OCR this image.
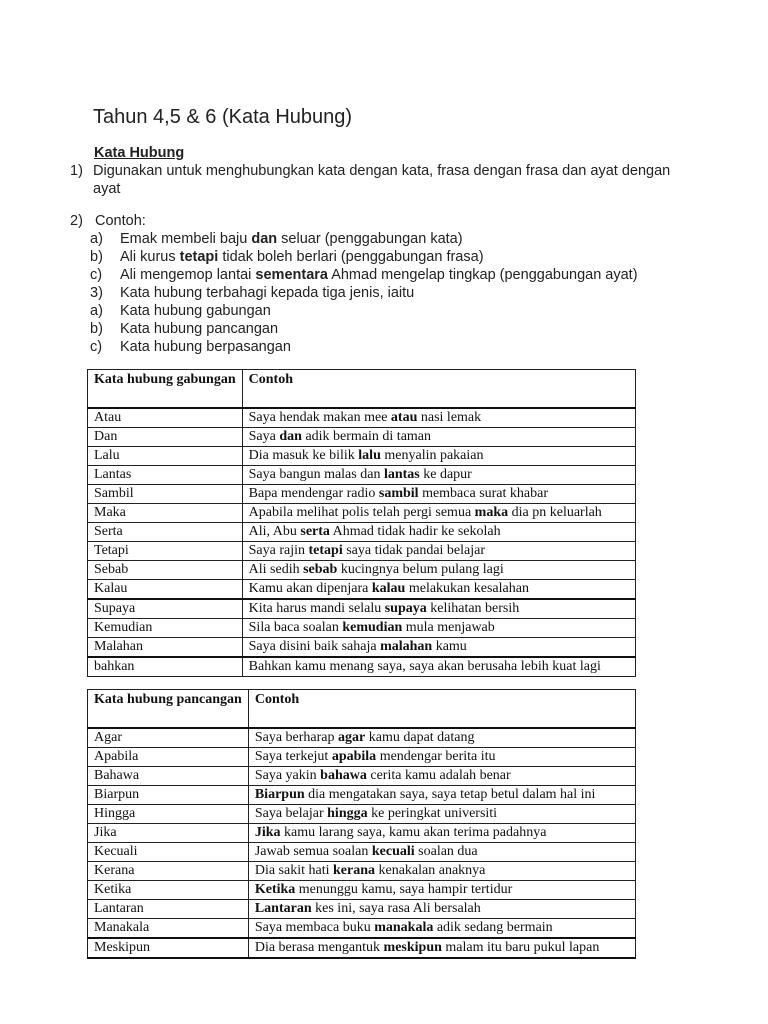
Tahun 4,5 & 6 (Kata Hubung)
Kata Hubung
1) Digunakan untuk menghubungkan kata dengan kata, frasa dengan frasa dan ayat dengan ayat
2) Contoh:
a) Emak membeli baju dan seluar (penggabungan kata)
b) Ali kurus tetapi tidak boleh berlari (penggabungan frasa)
c) Ali mengemop lantai sementara Ahmad mengelap tingkap (penggabungan ayat)
3) Kata hubung terbahagi kepada tiga jenis, iaitu
a) Kata hubung gabungan
b) Kata hubung pancangan
c) Kata hubung berpasangan
Kata hubung gabungan	Contoh
Atau	Saya hendak makan mee atau nasi lemak
Dan	Saya dan adik bermain di taman
Lalu	Dia masuk ke bilik lalu menyalin pakaian
Lantas	Saya bangun malas dan lantas ke dapur
Sambil	Bapa mendengar radio sambil membaca surat khabar
Maka	Apabila melihat polis telah pergi semua maka dia pn keluarlah
Serta	Ali, Abu serta Ahmad tidak hadir ke sekolah
Tetapi	Saya rajin tetapi saya tidak pandai belajar
Sebab	Ali sedih sebab kucingnya belum pulang lagi
Kalau	Kamu akan dipenjara kalau melakukan kesalahan
Supaya	Kita harus mandi selalu supaya kelihatan bersih
Kemudian	Sila baca soalan kemudian mula menjawab
Malahan	Saya disini baik sahaja malahan kamu
bahkan	Bahkan kamu menang saya, saya akan berusaha lebih kuat lagi
Kata hubung pancangan	Contoh
Agar	Saya berharap agar kamu dapat datang
Apabila	Saya terkejut apabila mendengar berita itu
Bahawa	Saya yakin bahawa cerita kamu adalah benar
Biarpun	Biarpun dia mengatakan saya, saya tetap betul dalam hal ini
Hingga	Saya belajar hingga ke peringkat universiti
Jika	Jika kamu larang saya, kamu akan terima padahnya
Kecuali	Jawab semua soalan kecuali soalan dua
Kerana	Dia sakit hati kerana kenakalan anaknya
Ketika	Ketika menunggu kamu, saya hampir tertidur
Lantaran	Lantaran kes ini, saya rasa Ali bersalah
Manakala	Saya membaca buku manakala adik sedang bermain
Meskipun	Dia berasa mengantuk meskipun malam itu baru pukul lapan
